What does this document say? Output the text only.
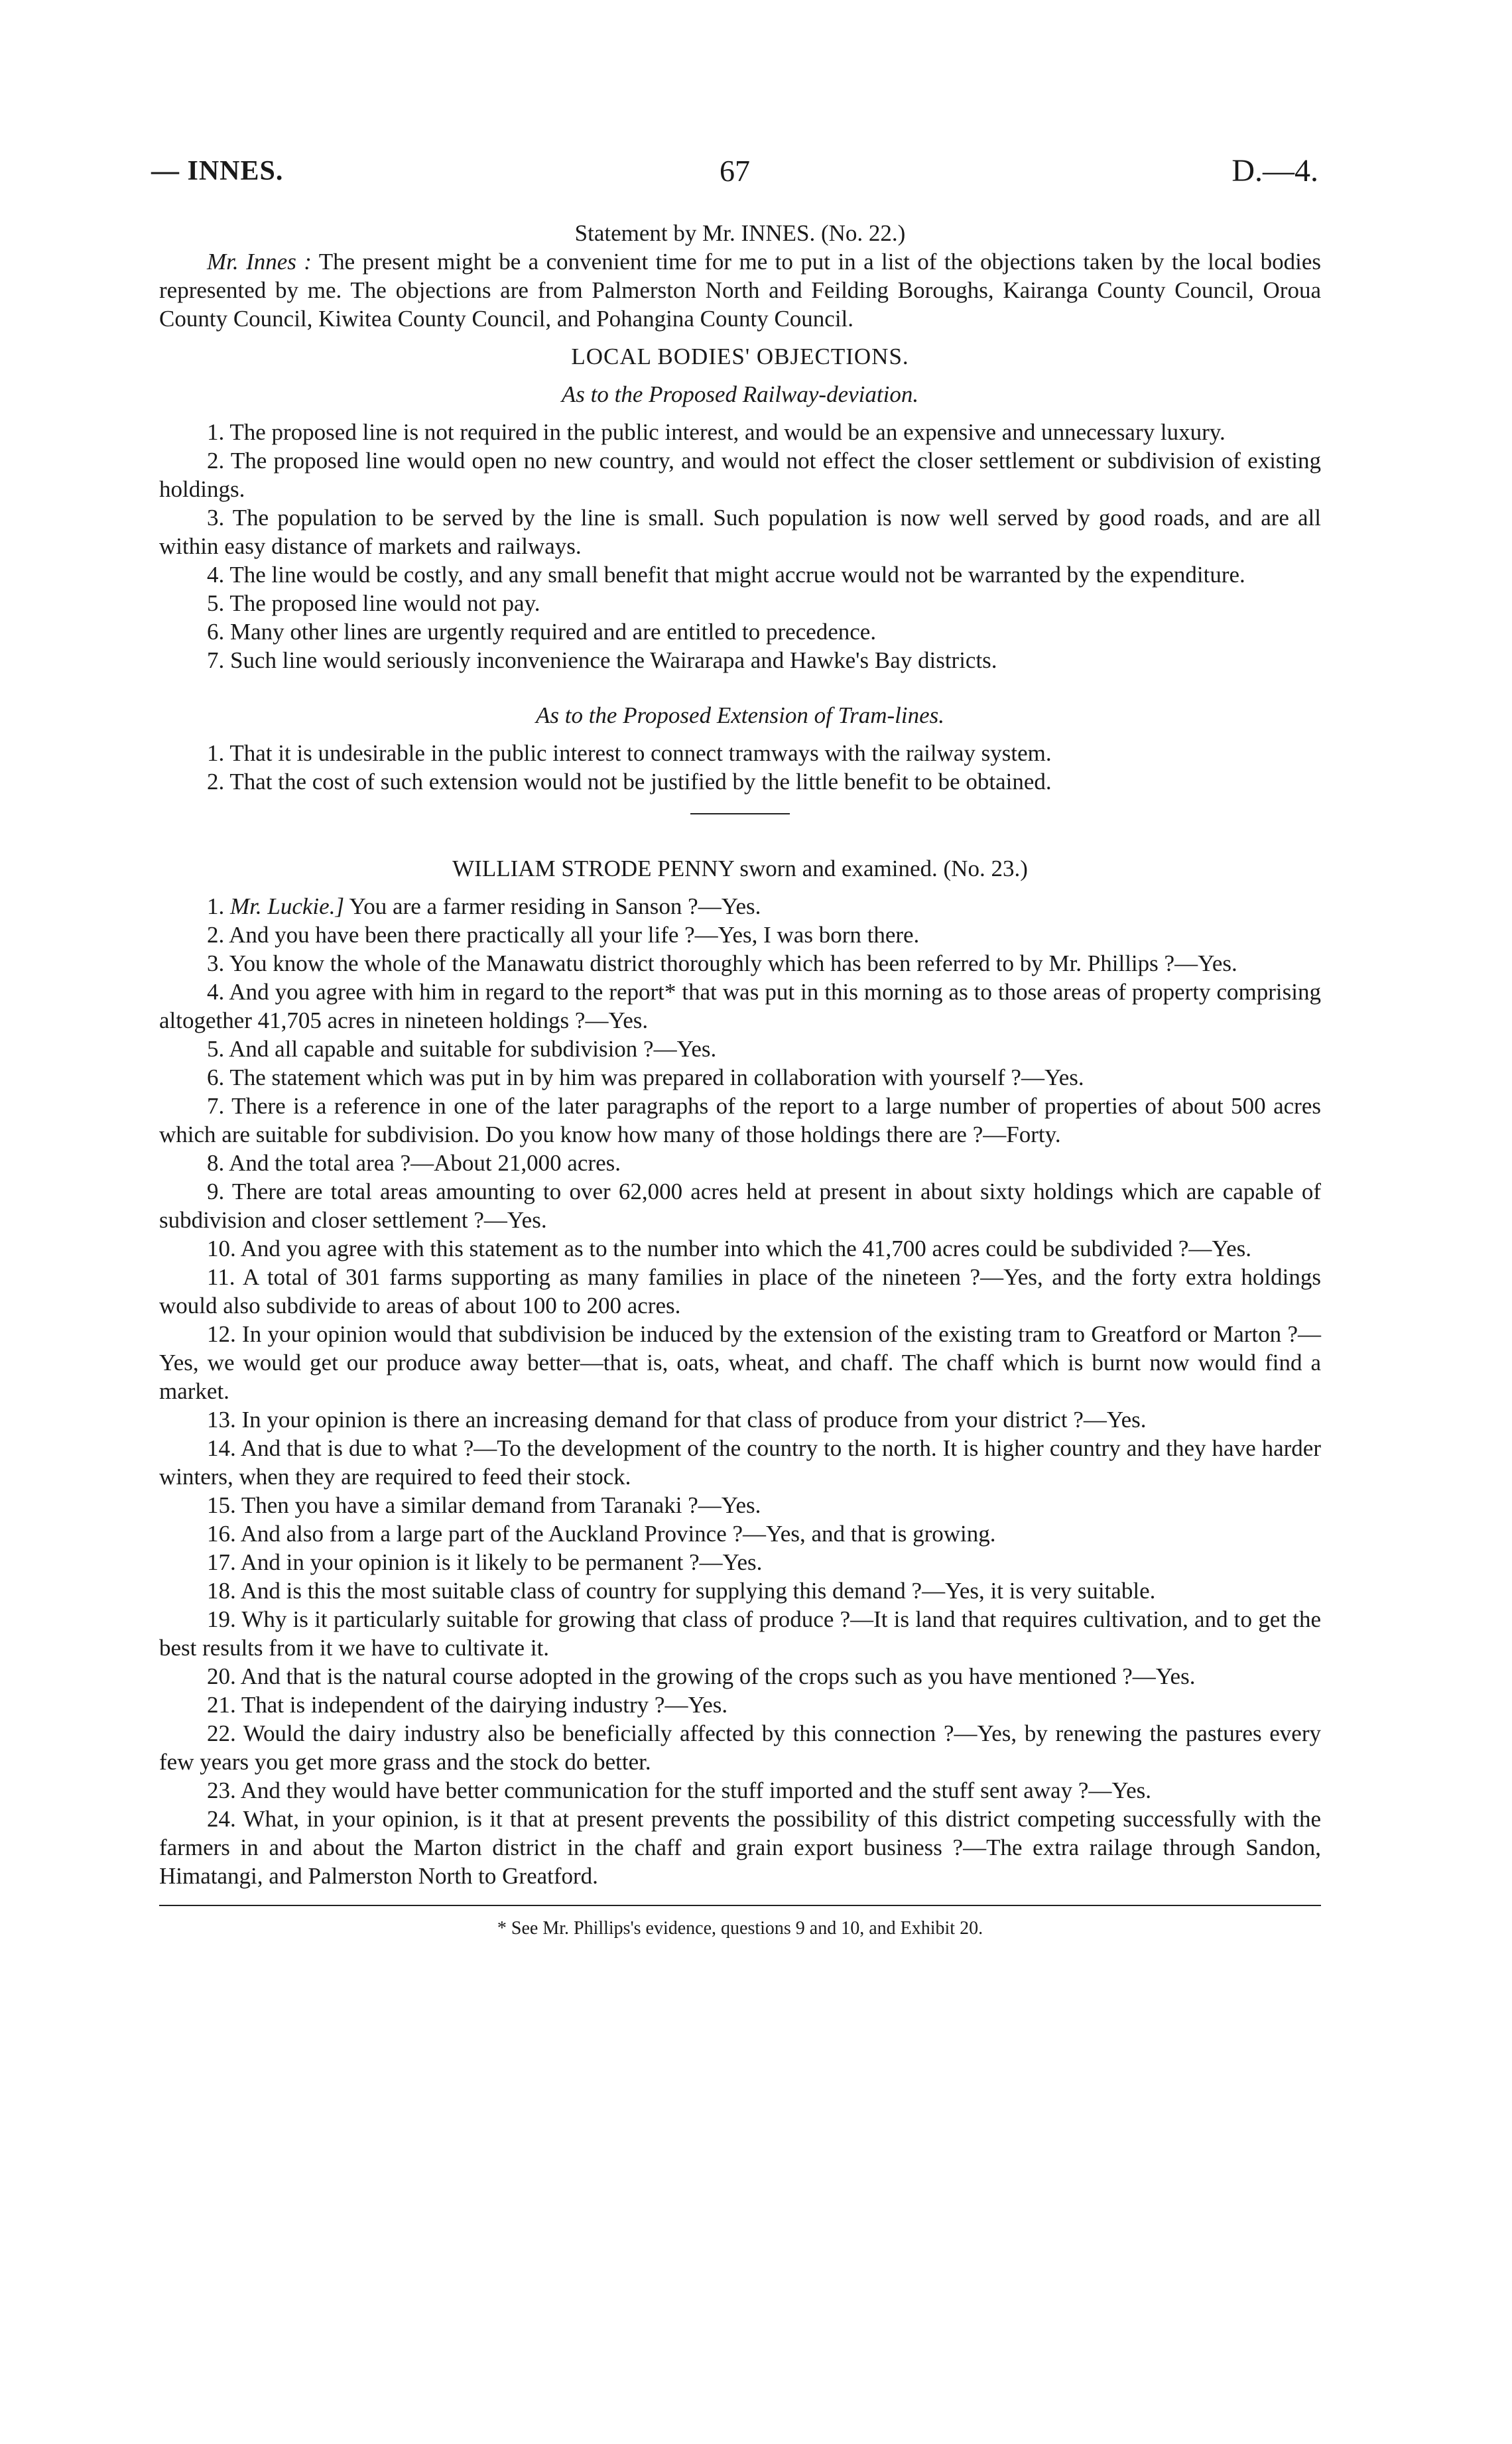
— INNES.	67	D.—4.

Statement by Mr. INNES. (No. 22.)

Mr. Innes : The present might be a convenient time for me to put in a list of the objections taken by the local bodies represented by me. The objections are from Palmerston North and Feilding Boroughs, Kairanga County Council, Oroua County Council, Kiwitea County Council, and Pohangina County Council.

LOCAL BODIES' OBJECTIONS.

As to the Proposed Railway-deviation.

1. The proposed line is not required in the public interest, and would be an expensive and unnecessary luxury.

2. The proposed line would open no new country, and would not effect the closer settlement or subdivision of existing holdings.

3. The population to be served by the line is small. Such population is now well served by good roads, and are all within easy distance of markets and railways.

4. The line would be costly, and any small benefit that might accrue would not be warranted by the expenditure.

5. The proposed line would not pay.

6. Many other lines are urgently required and are entitled to precedence.

7. Such line would seriously inconvenience the Wairarapa and Hawke's Bay districts.

As to the Proposed Extension of Tram-lines.

1. That it is undesirable in the public interest to connect tramways with the railway system.

2. That the cost of such extension would not be justified by the little benefit to be obtained.

WILLIAM STRODE PENNY sworn and examined. (No. 23.)

1. Mr. Luckie.] You are a farmer residing in Sanson ?—Yes.

2. And you have been there practically all your life ?—Yes, I was born there.

3. You know the whole of the Manawatu district thoroughly which has been referred to by Mr. Phillips ?—Yes.

4. And you agree with him in regard to the report* that was put in this morning as to those areas of property comprising altogether 41,705 acres in nineteen holdings ?—Yes.

5. And all capable and suitable for subdivision ?—Yes.

6. The statement which was put in by him was prepared in collaboration with yourself ?—Yes.

7. There is a reference in one of the later paragraphs of the report to a large number of properties of about 500 acres which are suitable for subdivision. Do you know how many of those holdings there are ?—Forty.

8. And the total area ?—About 21,000 acres.

9. There are total areas amounting to over 62,000 acres held at present in about sixty holdings which are capable of subdivision and closer settlement ?—Yes.

10. And you agree with this statement as to the number into which the 41,700 acres could be subdivided ?—Yes.

11. A total of 301 farms supporting as many families in place of the nineteen ?—Yes, and the forty extra holdings would also subdivide to areas of about 100 to 200 acres.

12. In your opinion would that subdivision be induced by the extension of the existing tram to Greatford or Marton ?—Yes, we would get our produce away better—that is, oats, wheat, and chaff. The chaff which is burnt now would find a market.

13. In your opinion is there an increasing demand for that class of produce from your district ?—Yes.

14. And that is due to what ?—To the development of the country to the north. It is higher country and they have harder winters, when they are required to feed their stock.

15. Then you have a similar demand from Taranaki ?—Yes.

16. And also from a large part of the Auckland Province ?—Yes, and that is growing.

17. And in your opinion is it likely to be permanent ?—Yes.

18. And is this the most suitable class of country for supplying this demand ?—Yes, it is very suitable.

19. Why is it particularly suitable for growing that class of produce ?—It is land that requires cultivation, and to get the best results from it we have to cultivate it.

20. And that is the natural course adopted in the growing of the crops such as you have mentioned ?—Yes.

21. That is independent of the dairying industry ?—Yes.

22. Would the dairy industry also be beneficially affected by this connection ?—Yes, by renewing the pastures every few years you get more grass and the stock do better.

23. And they would have better communication for the stuff imported and the stuff sent away ?—Yes.

24. What, in your opinion, is it that at present prevents the possibility of this district competing successfully with the farmers in and about the Marton district in the chaff and grain export business ?—The extra railage through Sandon, Himatangi, and Palmerston North to Greatford.

* See Mr. Phillips's evidence, questions 9 and 10, and Exhibit 20.
